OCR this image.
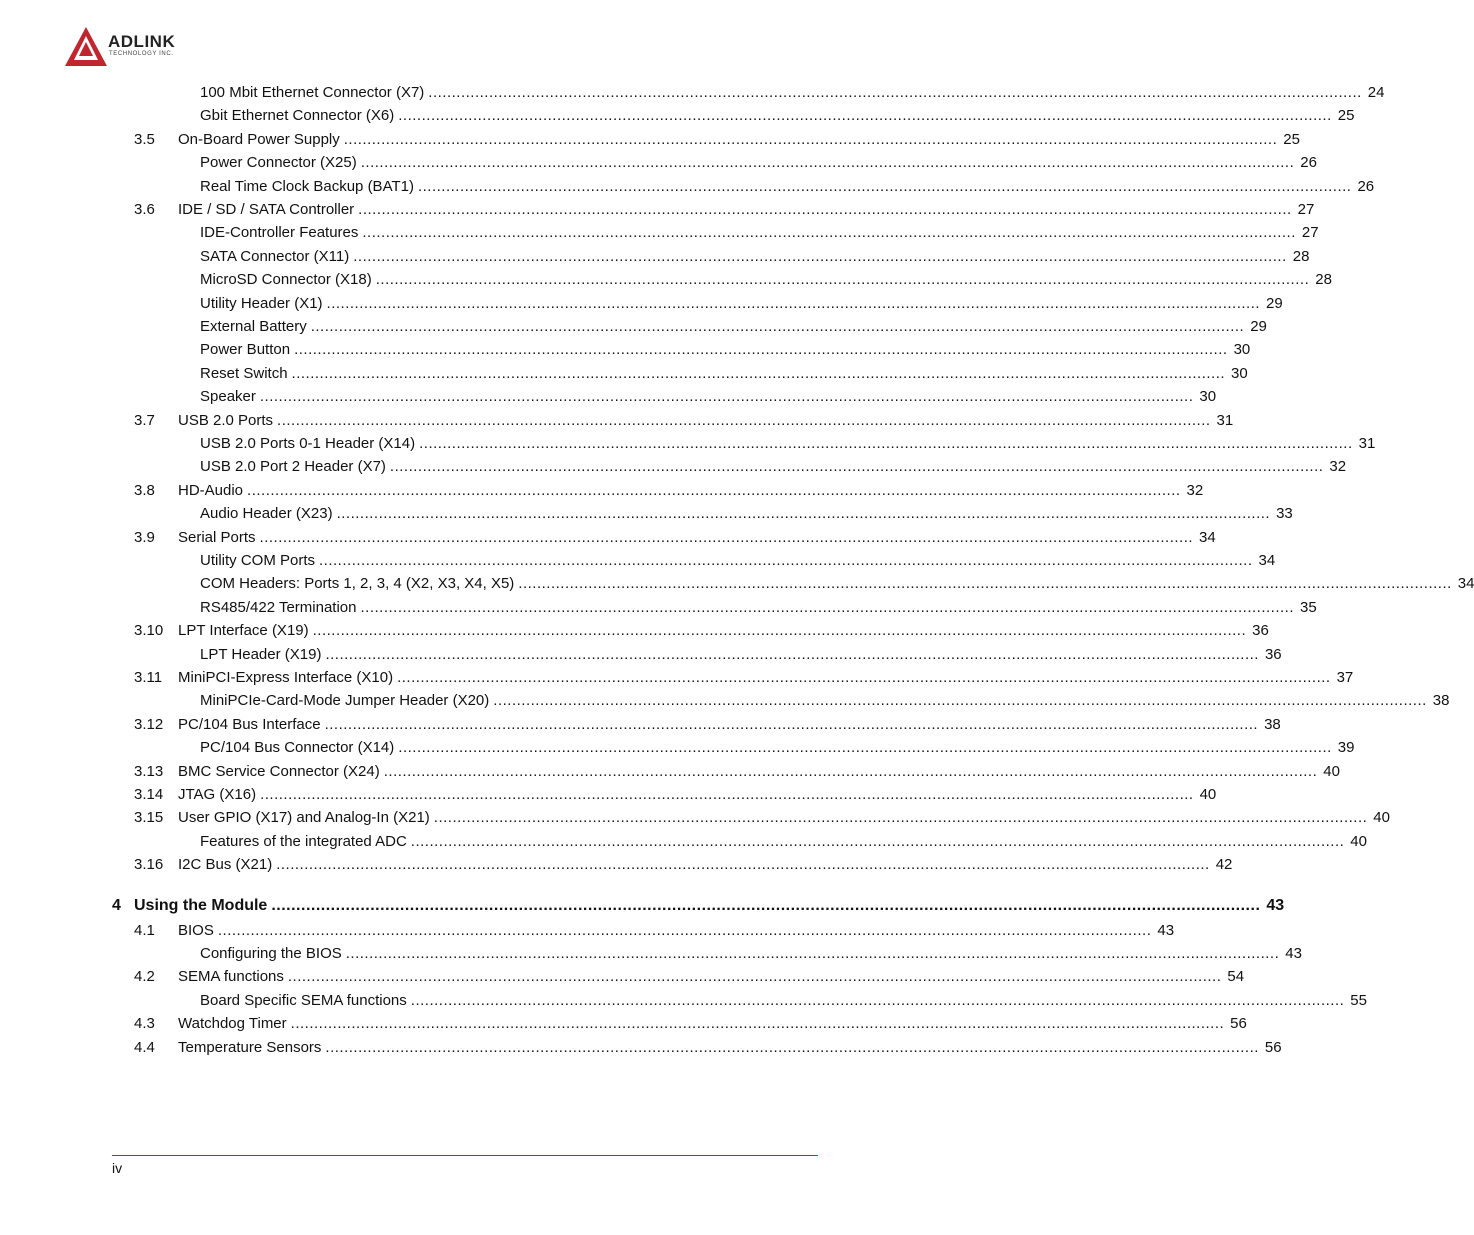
ADLINK
TECHNOLOGY INC.
100 Mbit Ethernet Connector (X7) ........................................................................................................................................................................................................ 24
Gbit Ethernet Connector (X6) ........................................................................................................................................................................................................ 25
3.5 On-Board Power Supply ........................................................................................................................................................................................................ 25
Power Connector (X25) ........................................................................................................................................................................................................ 26
Real Time Clock Backup (BAT1) ........................................................................................................................................................................................................ 26
3.6 IDE / SD / SATA Controller ........................................................................................................................................................................................................ 27
IDE-Controller Features ........................................................................................................................................................................................................ 27
SATA Connector (X11) ........................................................................................................................................................................................................ 28
MicroSD Connector (X18) ........................................................................................................................................................................................................ 28
Utility Header (X1) ........................................................................................................................................................................................................ 29
External Battery ........................................................................................................................................................................................................ 29
Power Button ........................................................................................................................................................................................................ 30
Reset Switch ........................................................................................................................................................................................................ 30
Speaker ........................................................................................................................................................................................................ 30
3.7 USB 2.0 Ports ........................................................................................................................................................................................................ 31
USB 2.0 Ports 0-1 Header (X14) ........................................................................................................................................................................................................ 31
USB 2.0 Port 2 Header (X7) ........................................................................................................................................................................................................ 32
3.8 HD-Audio ........................................................................................................................................................................................................ 32
Audio Header (X23) ........................................................................................................................................................................................................ 33
3.9 Serial Ports ........................................................................................................................................................................................................ 34
Utility COM Ports ........................................................................................................................................................................................................ 34
COM Headers: Ports 1, 2, 3, 4 (X2, X3, X4, X5) ........................................................................................................................................................................................................ 34
RS485/422 Termination ........................................................................................................................................................................................................ 35
3.10 LPT Interface (X19) ........................................................................................................................................................................................................ 36
LPT Header (X19) ........................................................................................................................................................................................................ 36
3.11 MiniPCI-Express Interface (X10) ........................................................................................................................................................................................................ 37
MiniPCIe-Card-Mode Jumper Header (X20) ........................................................................................................................................................................................................ 38
3.12 PC/104 Bus Interface ........................................................................................................................................................................................................ 38
PC/104 Bus Connector (X14) ........................................................................................................................................................................................................ 39
3.13 BMC Service Connector (X24) ........................................................................................................................................................................................................ 40
3.14 JTAG (X16) ........................................................................................................................................................................................................ 40
3.15 User GPIO (X17) and Analog-In (X21) ........................................................................................................................................................................................................ 40
Features of the integrated ADC ........................................................................................................................................................................................................ 40
3.16 I2C Bus (X21) ........................................................................................................................................................................................................ 42
4 Using the Module ........................................................................................................................................................................................................ 43
4.1 BIOS ........................................................................................................................................................................................................ 43
Configuring the BIOS ........................................................................................................................................................................................................ 43
4.2 SEMA functions ........................................................................................................................................................................................................ 54
Board Specific SEMA functions ........................................................................................................................................................................................................ 55
4.3 Watchdog Timer ........................................................................................................................................................................................................ 56
4.4 Temperature Sensors ........................................................................................................................................................................................................ 56
iv
